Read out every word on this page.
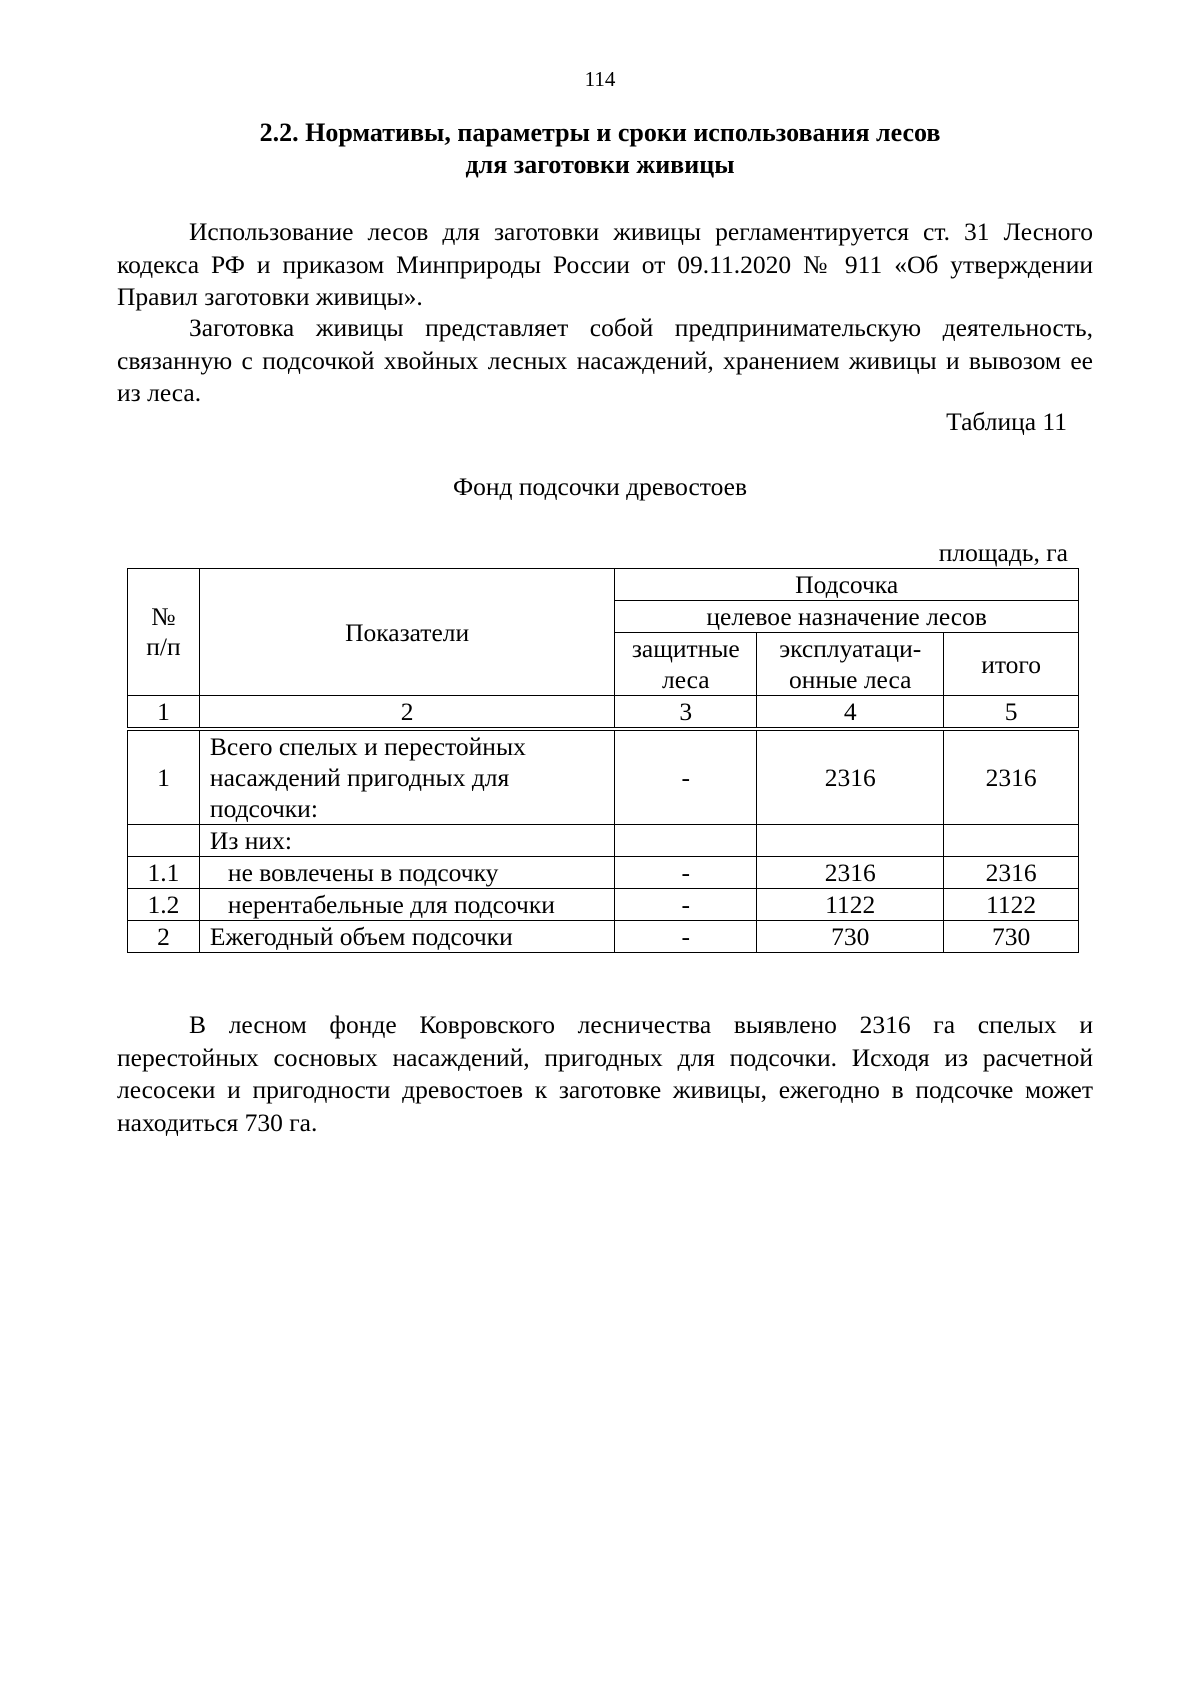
114
2.2. Нормативы, параметры и сроки использования лесов
для заготовки живицы

Использование лесов для заготовки живицы регламентируется ст. 31 Лесного кодекса РФ и приказом Минприроды России от 09.11.2020 № 911 «Об утверждении Правил заготовки живицы».

Заготовка живицы представляет собой предпринимательскую деятельность, связанную с подсочкой хвойных лесных насаждений, хранением живицы и вывозом ее из леса.

Таблица 11
Фонд подсочки древостоев
площадь, га
№ п/п	Показатели	Подсочка		
		целевое назначение лесов		
		защитные леса	эксплуатаци-онные леса	итого
1	2	3	4	5
1	Всего спелых и перестойных насаждений пригодных для подсочки:	-	2316	2316
	Из них:			
1.1	не вовлечены в подсочку	-	2316	2316
1.2	нерентабельные для подсочки	-	1122	1122
2	Ежегодный объем подсочки	-	730	730

В лесном фонде Ковровского лесничества выявлено 2316 га спелых и перестойных сосновых насаждений, пригодных для подсочки. Исходя из расчетной лесосеки и пригодности древостоев к заготовке живицы, ежегодно в подсочке может находиться 730 га.
